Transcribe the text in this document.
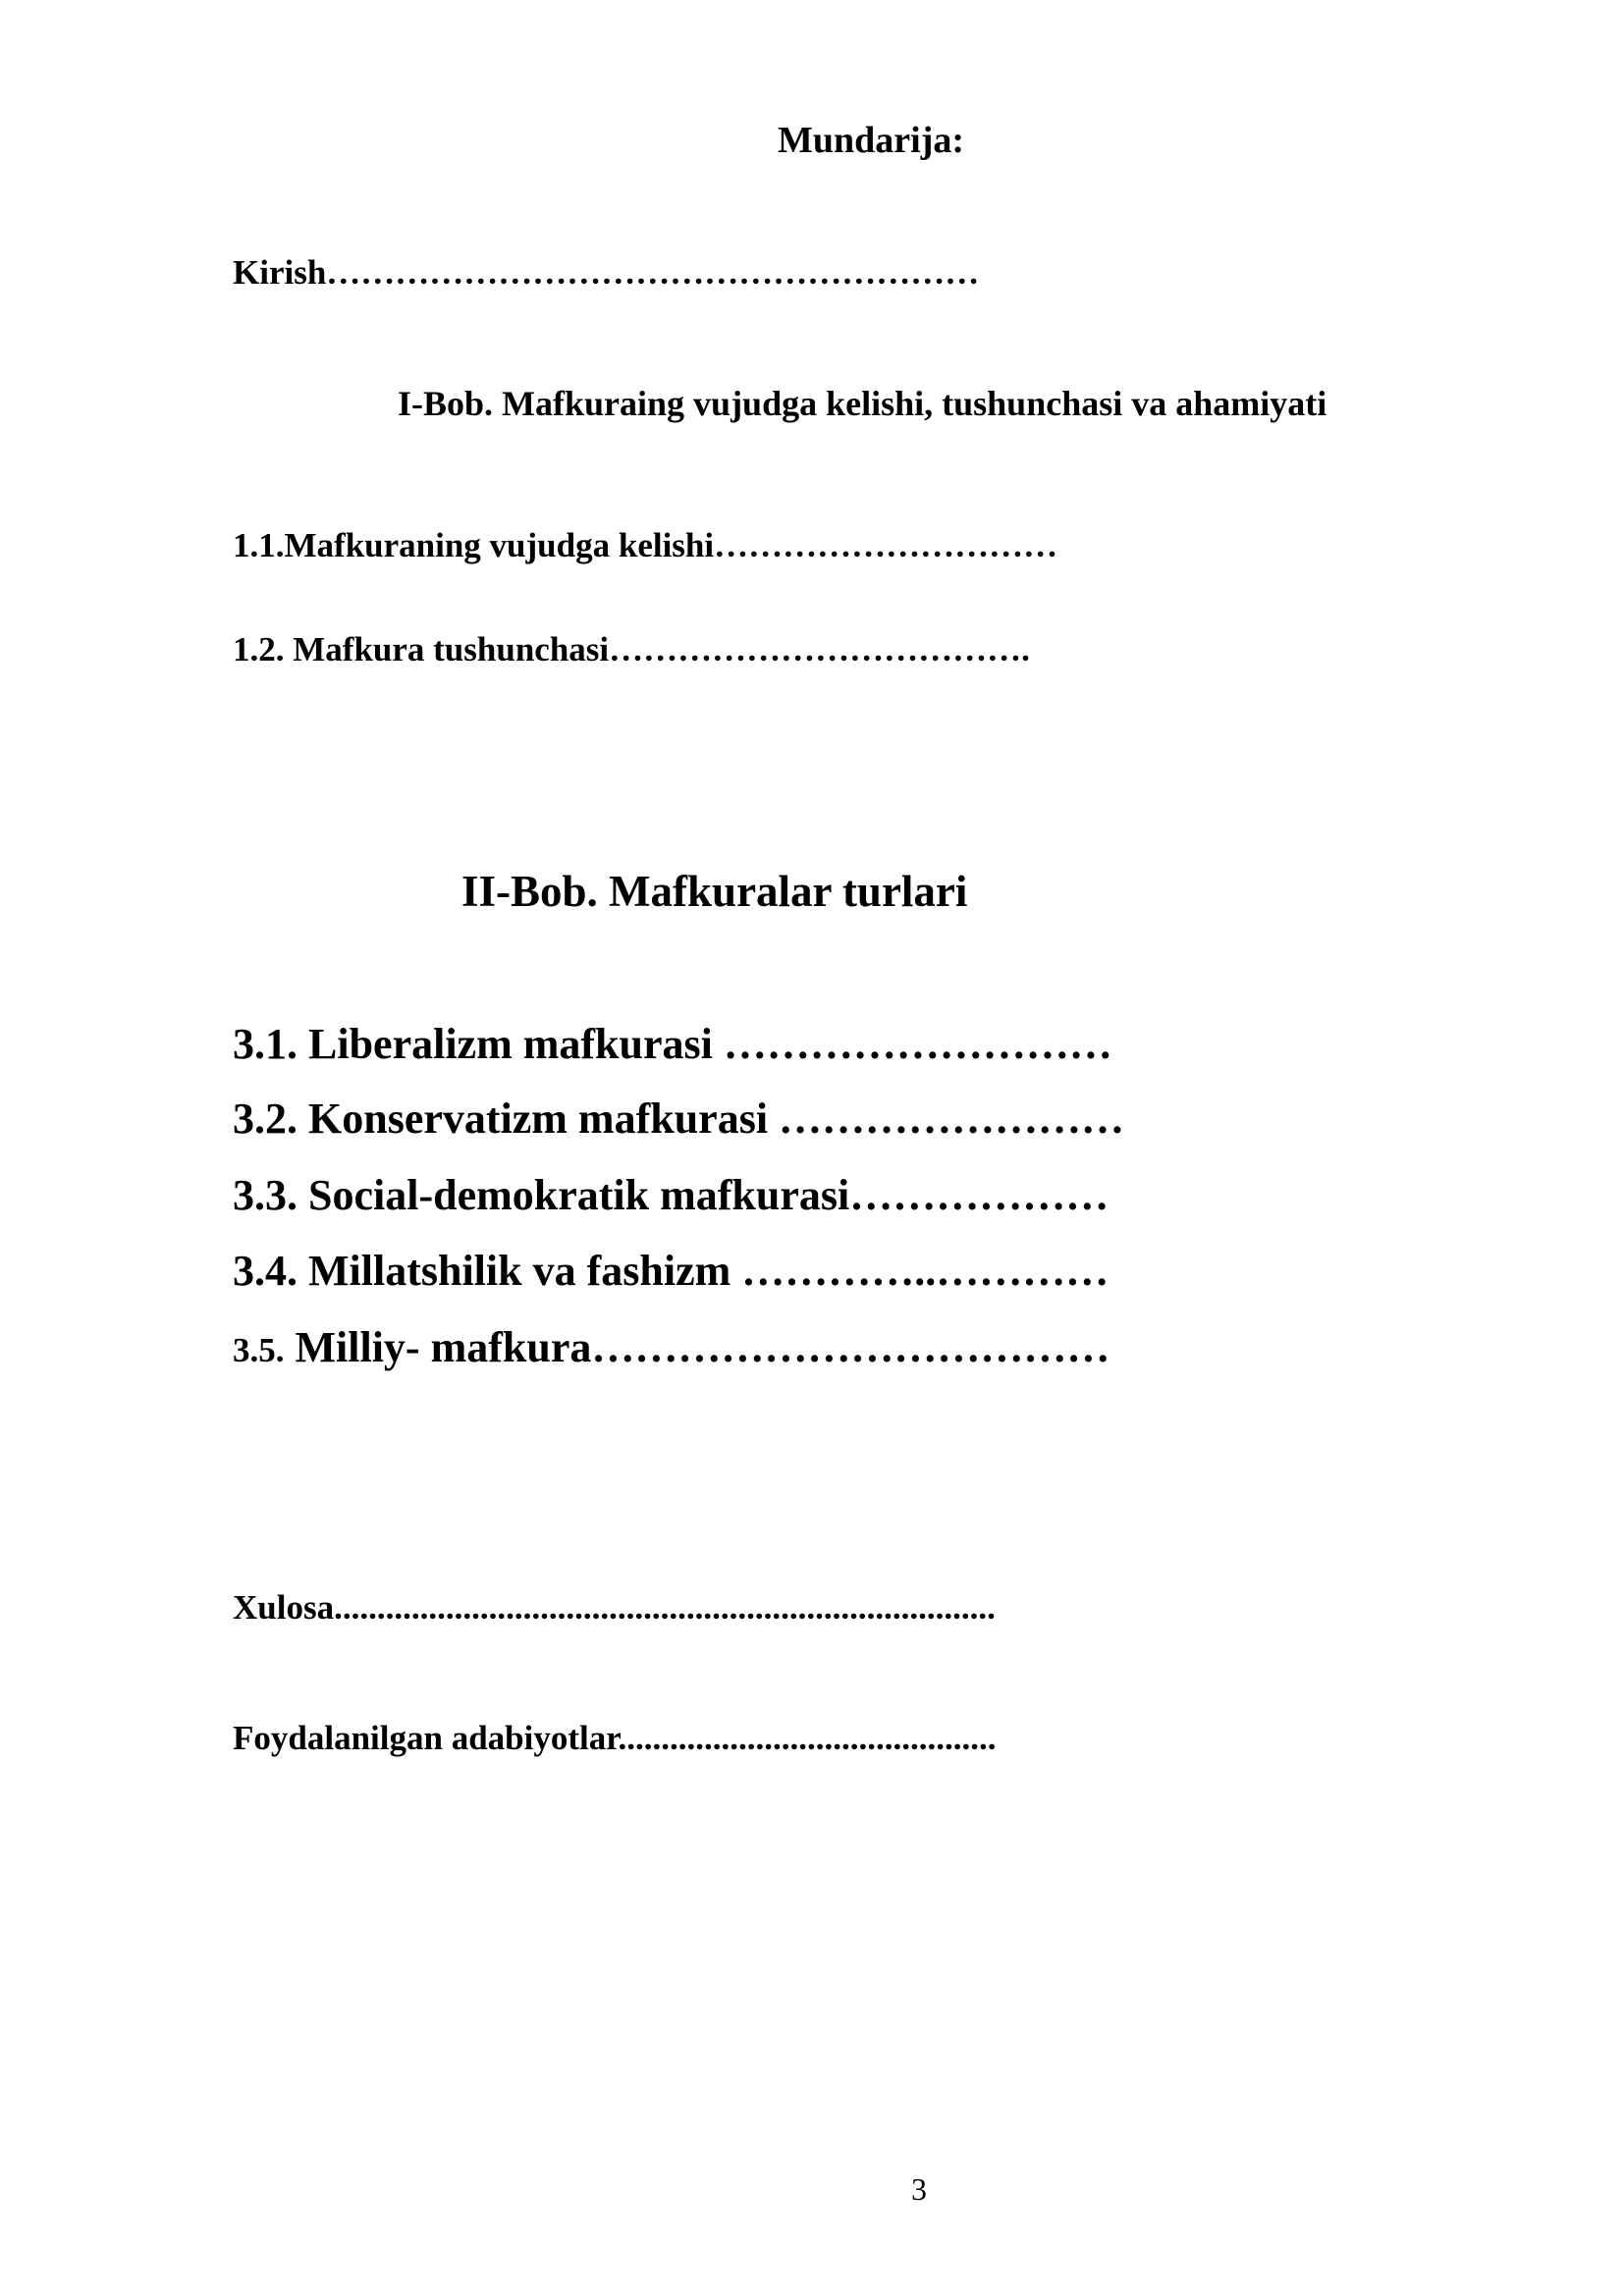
Mundarija:
Kirish…………………………………………………
I-Bob. Mafkuraing vujudga kelishi, tushunchasi va ahamiyati
1.1.Mafkuraning vujudga kelishi…………………………
1.2. Mafkura tushunchasi……………………………….
II-Bob. Mafkuralar turlari
3.1. Liberalizm mafkurasi ………………………
3.2. Konservatizm mafkurasi ……………………
3.3. Social-demokratik mafkurasi………………
3.4. Millatshilik va fashizm …………..…………
3.5. Milliy- mafkura………………………………
Xulosa.............................................................................
Foydalanilgan adabiyotlar............................................
3
